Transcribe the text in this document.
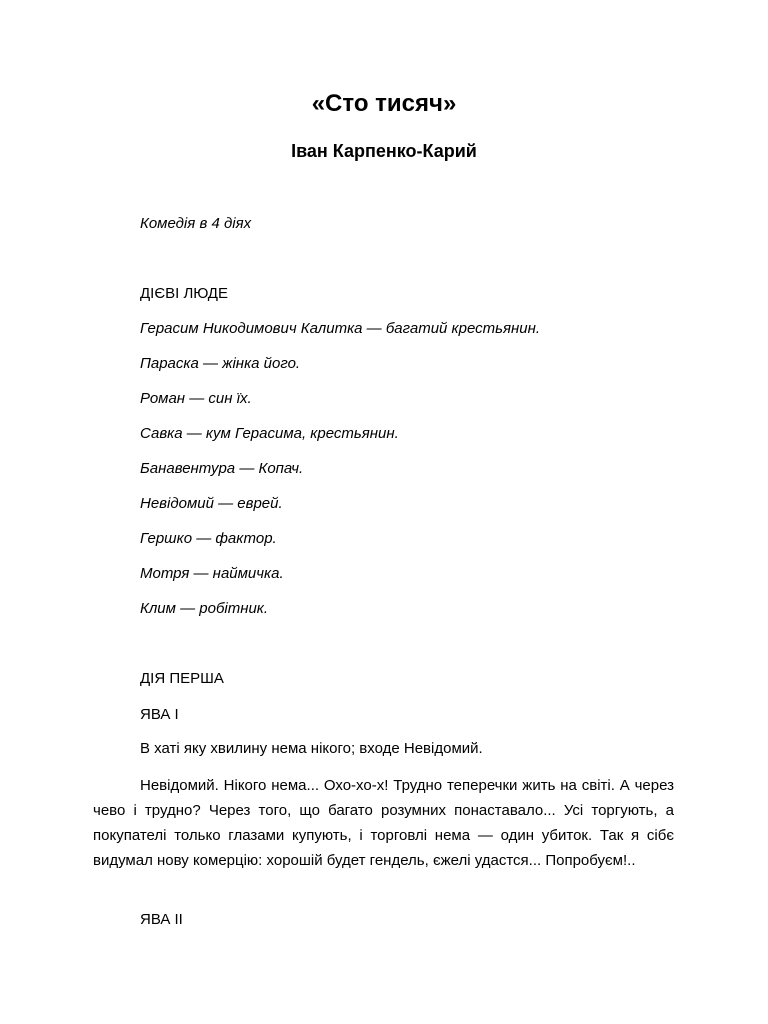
«Сто тисяч»
Іван Карпенко-Карий
Комедія в 4 діях
ДІЄВІ ЛЮДЕ
Герасим Никодимович Калитка — багатий крестьянин.
Параска — жінка його.
Роман — син їх.
Савка — кум Герасима, крестьянин.
Банавентура — Копач.
Невідомий — еврей.
Гершко — фактор.
Мотря — наймичка.
Клим — робітник.
ДІЯ ПЕРША
ЯВА І
В хаті яку хвилину нема нікого; входе Невідомий.

Невідомий. Нікого нема... Охо-хо-х! Трудно теперечки жить на світі. А через чево і трудно? Через того, що багато розумних понаставало... Усі торгують, а покупателі только глазами купують, і торговлі нема — один убиток. Так я сібє видумал нову комерцію: хорошій будет гендель, єжелі удастся... Попробуєм!..

ЯВА II
